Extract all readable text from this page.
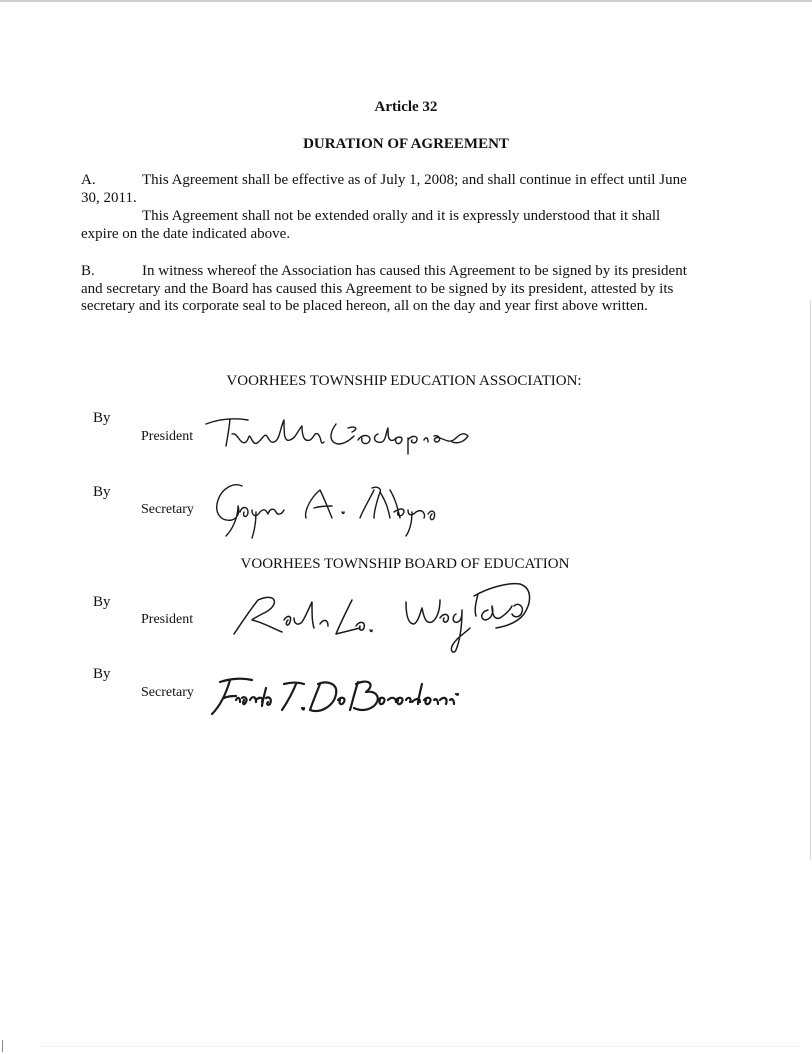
Article 32
DURATION OF AGREEMENT

A.	This Agreement shall be effective as of July 1, 2008; and shall continue in effect until June 30, 2011.

This Agreement shall not be extended orally and it is expressly understood that it shall expire on the date indicated above.

B.	In witness whereof the Association has caused this Agreement to be signed by its president and secretary and the Board has caused this Agreement to be signed by its president, attested by its secretary and its corporate seal to be placed hereon, all on the day and year first above written.

VOORHEES TOWNSHIP EDUCATION ASSOCIATION:
By
President
By
Secretary
VOORHEES TOWNSHIP BOARD OF EDUCATION
By
President
By
Secretary
